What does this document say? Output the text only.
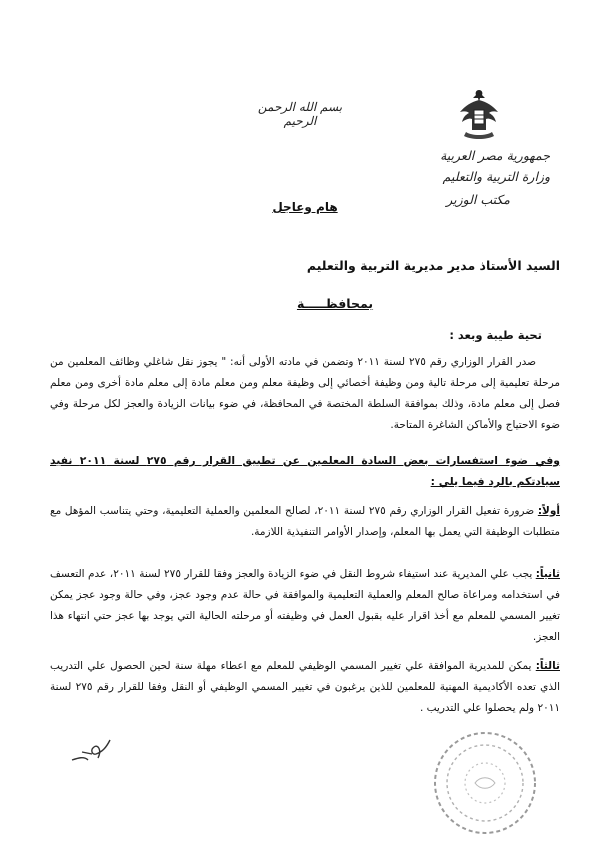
بسم الله الرحمن الرحيم
جمهورية مصر العربية
وزارة التربية والتعليم
مكتب الوزير
هام وعاجل
السيد الأستاذ مدير مديرية التربية والتعليم
بمحافظـــــة
تحية طيبة وبعد :
صدر القرار الوزاري رقم ٢٧٥ لسنة ٢٠١١ وتضمن في مادته الأولى أنه: " يجوز نقل شاغلي وظائف المعلمين من مرحلة تعليمية إلى مرحلة تالية ومن وظيفة أخصائي إلى وظيفة معلم ومن معلم مادة إلى معلم مادة أخرى ومن معلم فصل إلى معلم مادة، وذلك بموافقة السلطة المختصة في المحافظة، في ضوء بيانات الزيادة والعجز لكل مرحلة وفي ضوء الاحتياج والأماكن الشاغرة المتاحة.
وفي ضوء استفسارات بعض السادة المعلمين عن تطبيق القرار رقم ٢٧٥ لسنة ٢٠١١ نفيد سيادتكم بالرد فيما يلي :
أولاً: ضرورة تفعيل القرار الوزاري رقم ٢٧٥ لسنة ٢٠١١، لصالح المعلمين والعملية التعليمية، وحتي يتناسب المؤهل مع متطلبات الوظيفة التي يعمل بها المعلم، وإصدار الأوامر التنفيذية اللازمة.
ثانياً: يجب علي المديرية عند استيفاء شروط النقل في ضوء الزيادة والعجز وفقا للقرار ٢٧٥ لسنة ٢٠١١، عدم التعسف في استخدامه ومراعاة صالح المعلم والعملية التعليمية والموافقة في حالة عدم وجود عجز، وفي حالة وجود عجز يمكن تغيير المسمي للمعلم مع أخذ اقرار عليه بقبول العمل في وظيفته أو مرحلته الحالية التي يوجد بها عجز حتي انتهاء هذا العجز.
ثالثاً: يمكن للمديرية الموافقة علي تغيير المسمي الوظيفي للمعلم مع اعطاء مهلة سنة لحين الحصول علي التدريب الذي تعده الأكاديمية المهنية للمعلمين للذين يرغبون في تغيير المسمي الوظيفي أو النقل وفقا للقرار رقم ٢٧٥ لسنة ٢٠١١ ولم يحصلوا علي التدريب .
